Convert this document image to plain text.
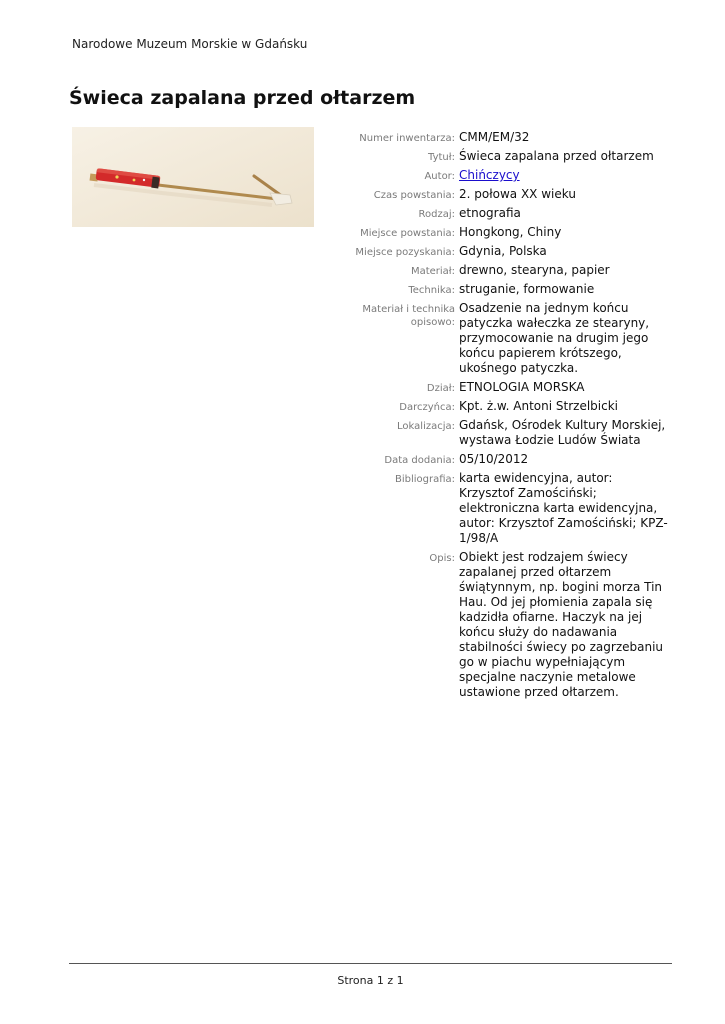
Narodowe Muzeum Morskie w Gdańsku
Świeca zapalana przed ołtarzem
Numer inwentarza: CMM/EM/32
Tytuł: Świeca zapalana przed ołtarzem
Autor: Chińczycy
Czas powstania: 2. połowa XX wieku
Rodzaj: etnografia
Miejsce powstania: Hongkong, Chiny
Miejsce pozyskania: Gdynia, Polska
Materiał: drewno, stearyna, papier
Technika: struganie, formowanie
Materiał i technika opisowo:
Osadzenie na jednym końcu patyczka wałeczka ze stearyny, przymocowanie na drugim jego końcu papierem krótszego, ukośnego patyczka.
Dział: ETNOLOGIA MORSKA
Darczyńca: Kpt. ż.w. Antoni Strzelbicki
Lokalizacja: Gdańsk, Ośrodek Kultury Morskiej, wystawa Łodzie Ludów Świata
Data dodania: 05/10/2012
Bibliografia: karta ewidencyjna, autor: Krzysztof Zamościński; elektroniczna karta ewidencyjna, autor: Krzysztof Zamościński; KPZ-1/98/A
Opis: Obiekt jest rodzajem świecy zapalanej przed ołtarzem świątynnym, np. bogini morza Tin Hau. Od jej płomienia zapala się kadzidła ofiarne. Haczyk na jej końcu służy do nadawania stabilności świecy po zagrzebaniu go w piachu wypełniającym specjalne naczynie metalowe ustawione przed ołtarzem.
Strona 1 z 1
